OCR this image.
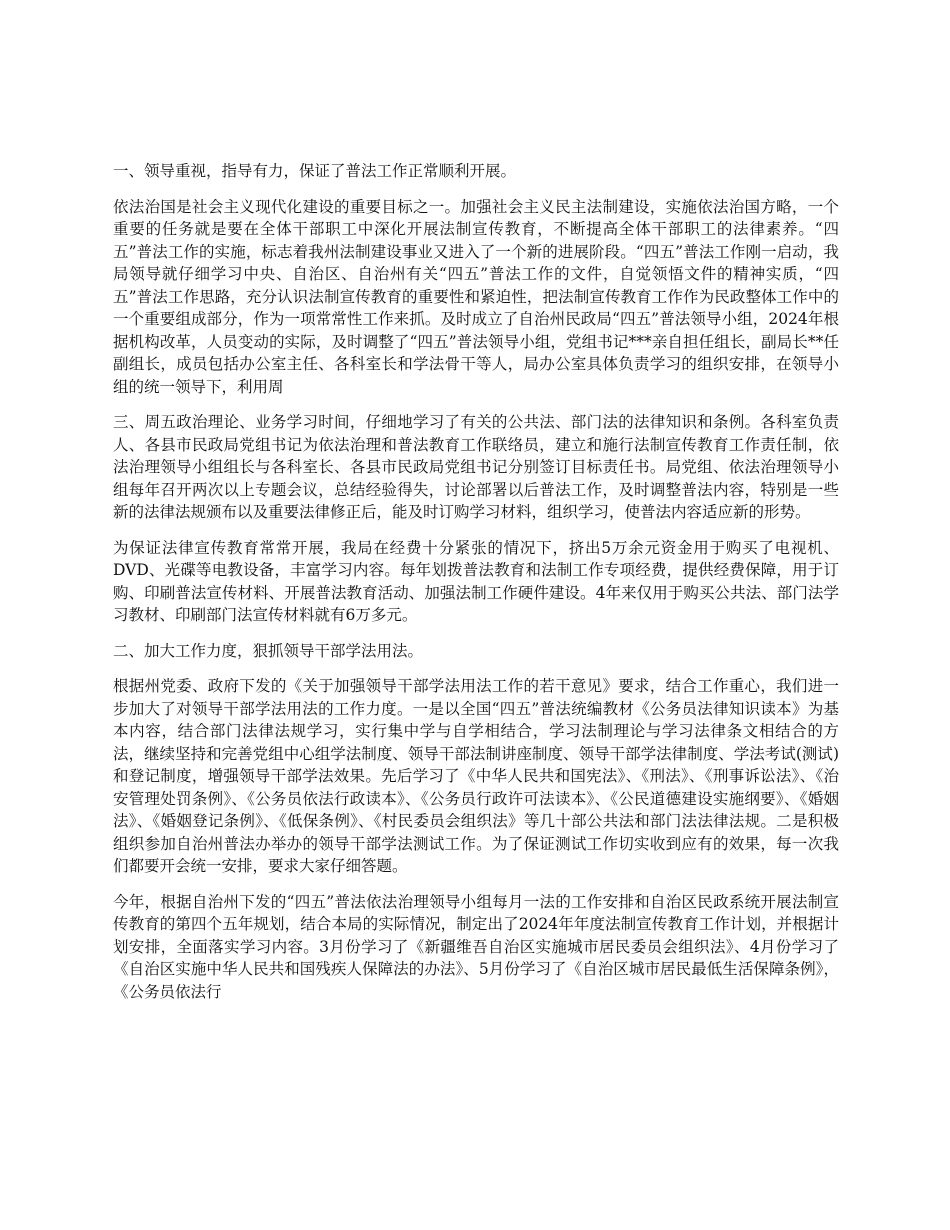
一、领导重视，指导有力，保证了普法工作正常顺利开展。

依法治国是社会主义现代化建设的重要目标之一。加强社会主义民主法制建设，实施依法治国方略，一个重要的任务就是要在全体干部职工中深化开展法制宣传教育，不断提高全体干部职工的法律素养。“四五”普法工作的实施，标志着我州法制建设事业又进入了一个新的进展阶段。“四五”普法工作刚一启动，我局领导就仔细学习中央、自治区、自治州有关“四五”普法工作的文件，自觉领悟文件的精神实质，“四五”普法工作思路，充分认识法制宣传教育的重要性和紧迫性，把法制宣传教育工作作为民政整体工作中的一个重要组成部分，作为一项常常性工作来抓。及时成立了自治州民政局“四五”普法领导小组，2024年根据机构改革，人员变动的实际，及时调整了“四五”普法领导小组，党组书记***亲自担任组长，副局长**任副组长，成员包括办公室主任、各科室长和学法骨干等人，局办公室具体负责学习的组织安排，在领导小组的统一领导下，利用周

三、周五政治理论、业务学习时间，仔细地学习了有关的公共法、部门法的法律知识和条例。各科室负责人、各县市民政局党组书记为依法治理和普法教育工作联络员，建立和施行法制宣传教育工作责任制，依法治理领导小组组长与各科室长、各县市民政局党组书记分别签订目标责任书。局党组、依法治理领导小组每年召开两次以上专题会议，总结经验得失，讨论部署以后普法工作，及时调整普法内容，特别是一些新的法律法规颁布以及重要法律修正后，能及时订购学习材料，组织学习，使普法内容适应新的形势。

为保证法律宣传教育常常开展，我局在经费十分紧张的情况下，挤出5万余元资金用于购买了电视机、DVD、光碟等电教设备，丰富学习内容。每年划拨普法教育和法制工作专项经费，提供经费保障，用于订购、印刷普法宣传材料、开展普法教育活动、加强法制工作硬件建设。4年来仅用于购买公共法、部门法学习教材、印刷部门法宣传材料就有6万多元。

二、加大工作力度，狠抓领导干部学法用法。

根据州党委、政府下发的《关于加强领导干部学法用法工作的若干意见》要求，结合工作重心，我们进一步加大了对领导干部学法用法的工作力度。一是以全国“四五”普法统编教材《公务员法律知识读本》为基本内容，结合部门法律法规学习，实行集中学与自学相结合，学习法制理论与学习法律条文相结合的方法，继续坚持和完善党组中心组学法制度、领导干部法制讲座制度、领导干部学法律制度、学法考试(测试)和登记制度，增强领导干部学法效果。先后学习了《中华人民共和国宪法》、《刑法》、《刑事诉讼法》、《治安管理处罚条例》、《公务员依法行政读本》、《公务员行政许可法读本》、《公民道德建设实施纲要》、《婚姻法》、《婚姻登记条例》、《低保条例》、《村民委员会组织法》等几十部公共法和部门法法律法规。二是积极组织参加自治州普法办举办的领导干部学法测试工作。为了保证测试工作切实收到应有的效果，每一次我们都要开会统一安排，要求大家仔细答题。

今年，根据自治州下发的“四五”普法依法治理领导小组每月一法的工作安排和自治区民政系统开展法制宣传教育的第四个五年规划，结合本局的实际情况，制定出了2024年年度法制宣传教育工作计划，并根据计划安排，全面落实学习内容。3月份学习了《新疆维吾自治区实施城市居民委员会组织法》、4月份学习了《自治区实施中华人民共和国残疾人保障法的办法》、5月份学习了《自治区城市居民最低生活保障条例》，《公务员依法行
